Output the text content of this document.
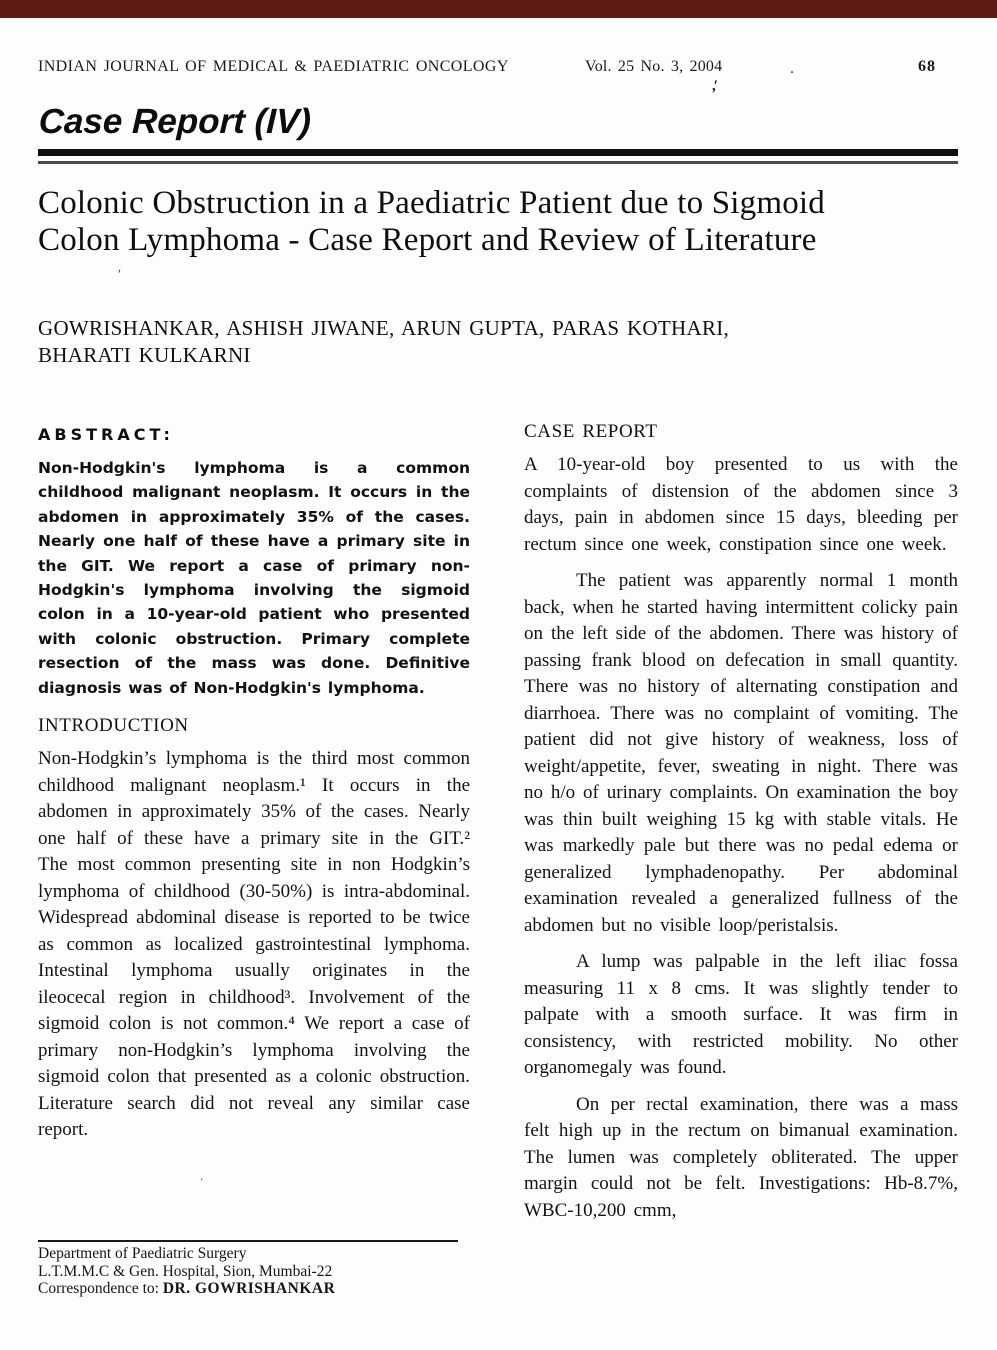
INDIAN JOURNAL OF MEDICAL & PAEDIATRIC ONCOLOGY	Vol. 25 No. 3, 2004	.	68
Case Report (IV)
Colonic Obstruction in a Paediatric Patient due to Sigmoid
Colon Lymphoma - Case Report and Review of Literature
GOWRISHANKAR, ASHISH JIWANE, ARUN GUPTA, PARAS KOTHARI,
BHARATI KULKARNI
ABSTRACT:
Non-Hodgkin's lymphoma is a common childhood malignant neoplasm. It occurs in the abdomen in approximately 35% of the cases. Nearly one half of these have a primary site in the GIT. We report a case of primary non-Hodgkin's lymphoma involving the sigmoid colon in a 10-year-old patient who presented with colonic obstruction. Primary complete resection of the mass was done. Definitive diagnosis was of Non-Hodgkin's lymphoma.
INTRODUCTION
Non-Hodgkin’s lymphoma is the third most common childhood malignant neoplasm.¹ It occurs in the abdomen in approximately 35% of the cases. Nearly one half of these have a primary site in the GIT.² The most common presenting site in non Hodgkin’s lymphoma of childhood (30-50%) is intra-abdominal. Widespread abdominal disease is reported to be twice as common as localized gastrointestinal lymphoma. Intestinal lymphoma usually originates in the ileocecal region in childhood³. Involvement of the sigmoid colon is not common.⁴ We report a case of primary non-Hodgkin’s lymphoma involving the sigmoid colon that presented as a colonic obstruction. Literature search did not reveal any similar case report.
CASE REPORT

A 10-year-old boy presented to us with the complaints of distension of the abdomen since 3 days, pain in abdomen since 15 days, bleeding per rectum since one week, constipation since one week.

The patient was apparently normal 1 month back, when he started having intermittent colicky pain on the left side of the abdomen. There was history of passing frank blood on defecation in small quantity. There was no history of alternating constipation and diarrhoea. There was no complaint of vomiting. The patient did not give history of weakness, loss of weight/appetite, fever, sweating in night. There was no h/o of urinary complaints. On examination the boy was thin built weighing 15 kg with stable vitals. He was markedly pale but there was no pedal edema or generalized lymphadenopathy. Per abdominal examination revealed a generalized fullness of the abdomen but no visible loop/peristalsis.

A lump was palpable in the left iliac fossa measuring 11 x 8 cms. It was slightly tender to palpate with a smooth surface. It was firm in consistency, with restricted mobility. No other organomegaly was found.

On per rectal examination, there was a mass felt high up in the rectum on bimanual examination. The lumen was completely obliterated. The upper margin could not be felt. Investigations: Hb-8.7%, WBC-10,200 cmm,

,ʹ
ʹ
.
Department of Paediatric Surgery
L.T.M.M.C & Gen. Hospital, Sion, Mumbai-22
Correspondence to: DR. GOWRISHANKAR
